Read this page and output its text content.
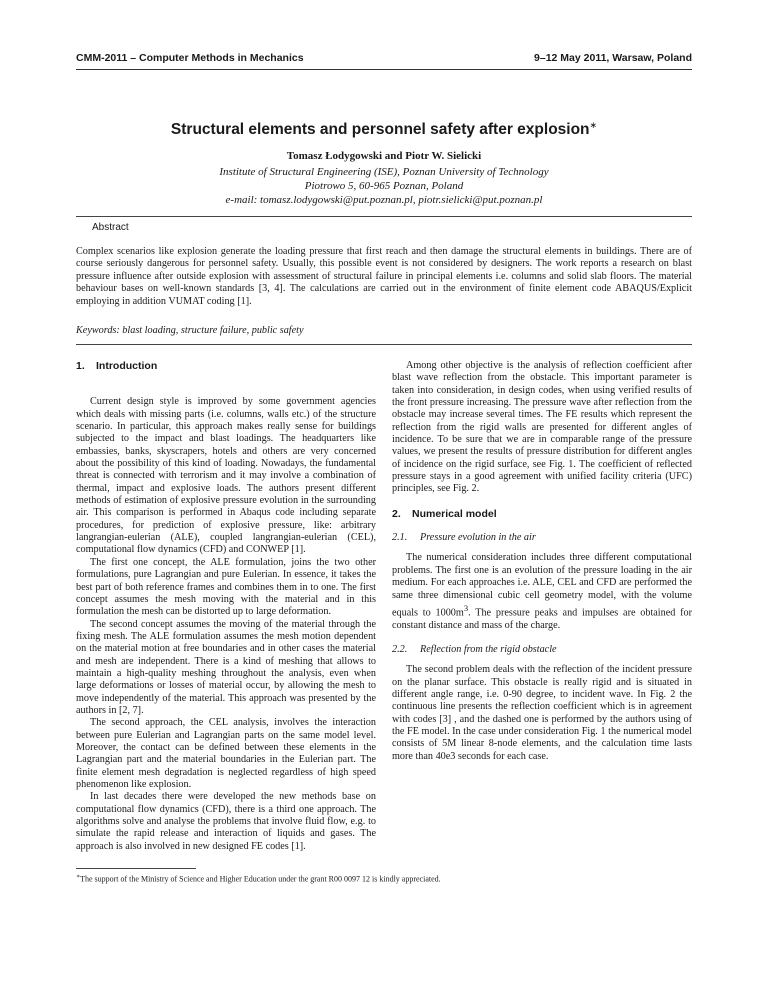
CMM-2011 – Computer Methods in Mechanics	9–12 May 2011, Warsaw, Poland
Structural elements and personnel safety after explosion∗
Tomasz Łodygowski and Piotr W. Sielicki
Institute of Structural Engineering (ISE), Poznan University of Technology
Piotrowo 5, 60-965 Poznan, Poland
e-mail: tomasz.lodygowski@put.poznan.pl, piotr.sielicki@put.poznan.pl
Abstract
Complex scenarios like explosion generate the loading pressure that first reach and then damage the structural elements in buildings. There are of course seriously dangerous for personnel safety. Usually, this possible event is not considered by designers. The work reports a research on blast pressure influence after outside explosion with assessment of structural failure in principal elements i.e. columns and solid slab floors. The material behaviour bases on well-known standards [3, 4]. The calculations are carried out in the environment of finite element code ABAQUS/Explicit employing in addition VUMAT coding [1].
Keywords: blast loading, structure failure, public safety
1. Introduction

Current design style is improved by some government agencies which deals with missing parts (i.e. columns, walls etc.) of the structure scenario. In particular, this approach makes really sense for buildings subjected to the impact and blast loadings. The headquarters like embassies, banks, skyscrapers, hotels and others are very concerned about the possibility of this kind of loading. Nowadays, the fundamental threat is connected with terrorism and it may involve a combination of thermal, impact and explosive loads. The authors present different methods of estimation of explosive pressure evolution in the surrounding air. This comparison is performed in Abaqus code including separate procedures, for prediction of explosive pressure, like: arbitrary langrangian-eulerian (ALE), coupled langrangian-eulerian (CEL), computational flow dynamics (CFD) and CONWEP [1].

The first one concept, the ALE formulation, joins the two other formulations, pure Lagrangian and pure Eulerian. In essence, it takes the best part of both reference frames and combines them in to one. The first concept assumes the mesh moving with the material and in this formulation the mesh can be distorted up to large deformation.

The second concept assumes the moving of the material through the fixing mesh. The ALE formulation assumes the mesh motion dependent on the material motion at free boundaries and in other cases the material and mesh are independent. There is a kind of meshing that allows to maintain a high-quality meshing throughout the analysis, even when large deformations or losses of material occur, by allowing the mesh to move independently of the material. This approach was presented by the authors in [2, 7].

The second approach, the CEL analysis, involves the interaction between pure Eulerian and Lagrangian parts on the same model level. Moreover, the contact can be defined between these elements in the Lagrangian part and the material boundaries in the Eulerian part. The finite element mesh degradation is neglected regardless of high speed phenomenon like explosion.

In last decades there were developed the new methods base on computational flow dynamics (CFD), there is a third one approach. The algorithms solve and analyse the problems that involve fluid flow, e.g. to simulate the rapid release and interaction of liquids and gases. The approach is also involved in new designed FE codes [1].

Among other objective is the analysis of reflection coefficient after blast wave reflection from the obstacle. This important parameter is taken into consideration, in design codes, when using verified results of the front pressure increasing. The pressure wave after reflection from the obstacle may increase several times. The FE results which represent the reflection from the rigid walls are presented for different angles of incidence. To be sure that we are in comparable range of the pressure values, we present the results of pressure distribution for different angles of incidence on the rigid surface, see Fig. 1. The coefficient of reflected pressure stays in a good agreement with unified facility criteria (UFC) principles, see Fig. 2.

2. Numerical model
2.1. Pressure evolution in the air

The numerical consideration includes three different computational problems. The first one is an evolution of the pressure loading in the air medium. For each approaches i.e. ALE, CEL and CFD are performed the same three dimensional cubic cell geometry model, with the volume equals to $1000m^3$. The pressure peaks and impulses are obtained for constant distance and mass of the charge.

2.2. Reflection from the rigid obstacle

The second problem deals with the reflection of the incident pressure on the planar surface. This obstacle is really rigid and is situated in different angle range, i.e. 0-90 degree, to incident wave. In Fig. 2 the continuous line presents the reflection coefficient which is in agreement with codes [3] , and the dashed one is performed by the authors using of the FE model. In the case under consideration Fig. 1 the numerical model consists of 5M linear 8-node elements, and the calculation time lasts more than 40e3 seconds for each case.

∗The support of the Ministry of Science and Higher Education under the grant R00 0097 12 is kindly appreciated.
